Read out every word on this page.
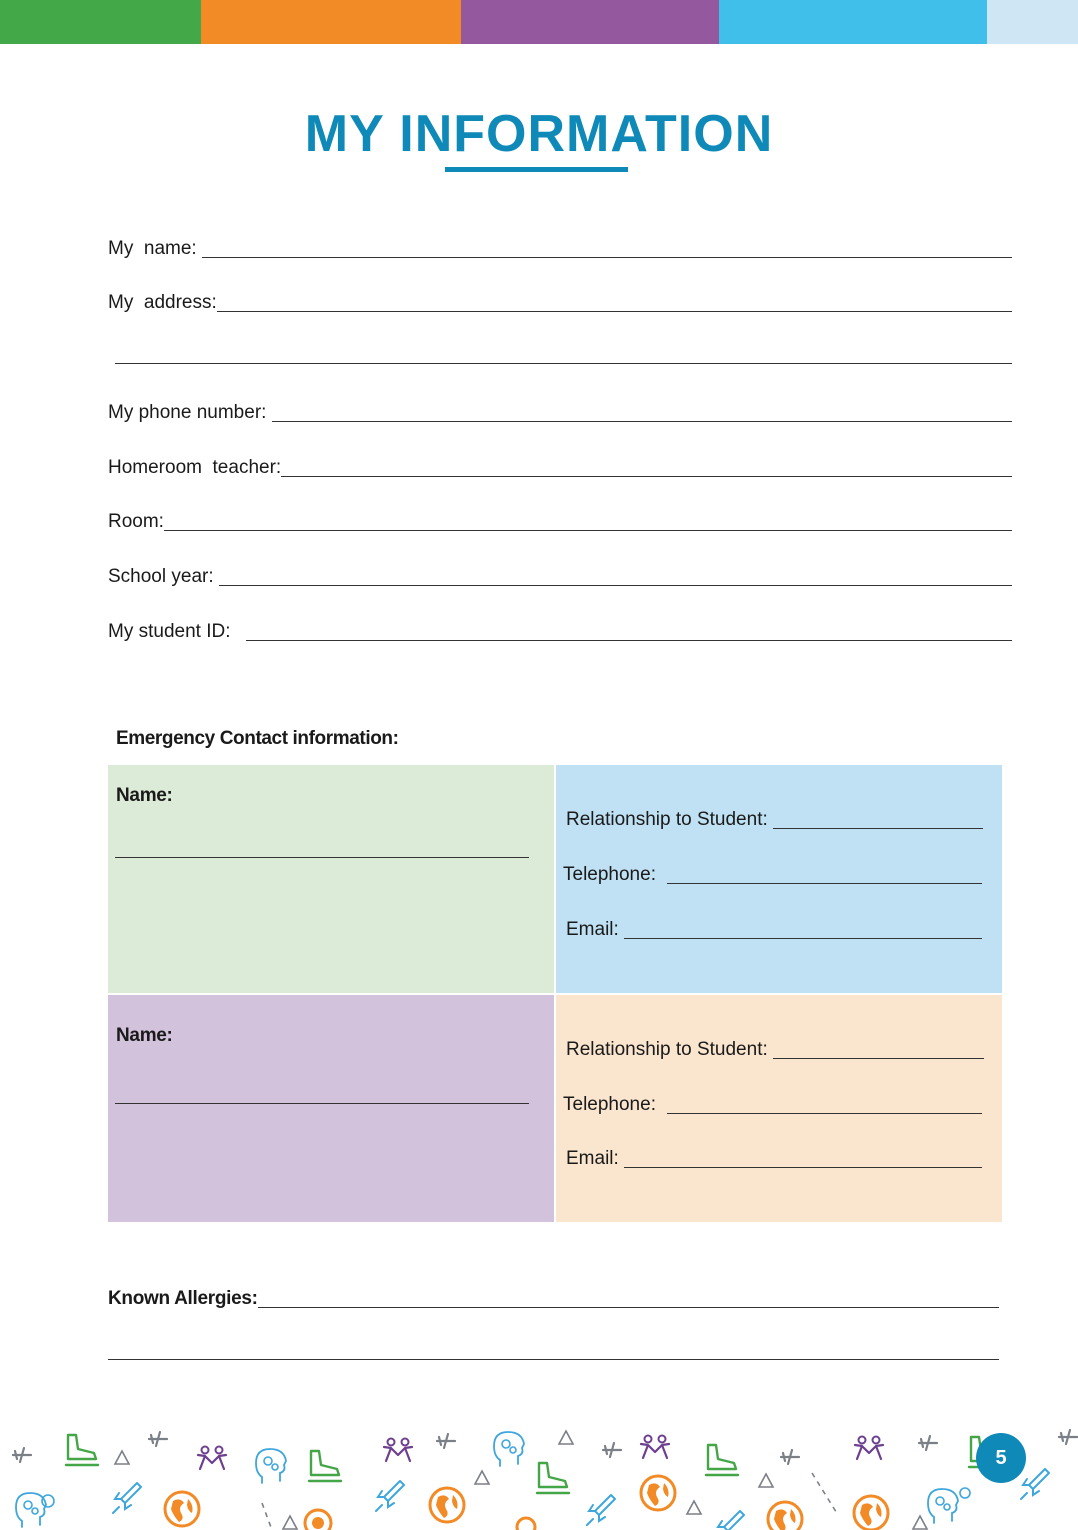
MY INFORMATION
My  name:
My  address:
My phone number:
Homeroom  teacher:
Room:
School year:
My student ID:
Emergency Contact information:
Name:
Relationship to Student:
Telephone:
Email:
Name:
Relationship to Student:
Telephone:
Email:
Known Allergies:
5
